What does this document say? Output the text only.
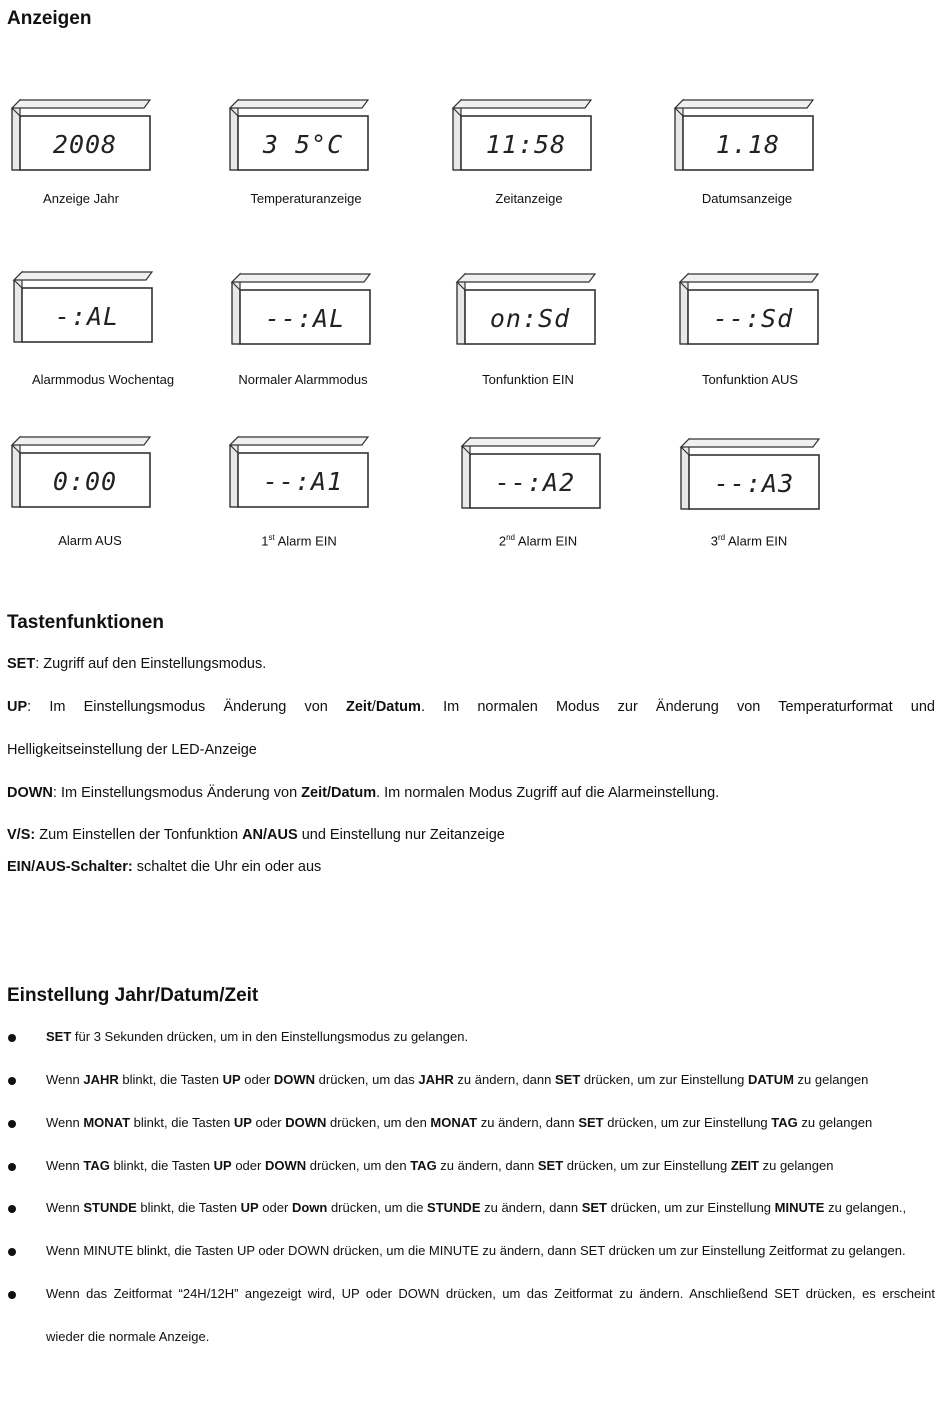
Anzeigen
2008	3 5°C	11:58	1.18
-:AL	--:AL	on:Sd	--:Sd
0:00	--:A1	--:A2	--:A3
Anzeige Jahr	Temperaturanzeige	Zeitanzeige	Datumsanzeige
Alarmmodus Wochentag	Normaler Alarmmodus	Tonfunktion EIN	Tonfunktion AUS
Alarm AUS	1st Alarm EIN	2nd Alarm EIN	3rd Alarm EIN
Tastenfunktionen

SET: Zugriff auf den Einstellungsmodus.

UP: Im Einstellungsmodus Änderung von Zeit/Datum. Im normalen Modus zur Änderung von Temperaturformat und

Helligkeitseinstellung der LED-Anzeige

DOWN: Im Einstellungsmodus Änderung von Zeit/Datum. Im normalen Modus Zugriff auf die Alarmeinstellung.

V/S: Zum Einstellen der Tonfunktion AN/AUS und Einstellung nur Zeitanzeige

EIN/AUS-Schalter: schaltet die Uhr ein oder aus

Einstellung Jahr/Datum/Zeit
SET für 3 Sekunden drücken, um in den Einstellungsmodus zu gelangen.
Wenn JAHR blinkt, die Tasten UP oder DOWN drücken, um das JAHR zu ändern, dann SET drücken, um zur Einstellung DATUM zu gelangen
Wenn MONAT blinkt, die Tasten UP oder DOWN drücken, um den MONAT zu ändern, dann SET drücken, um zur Einstellung TAG zu gelangen
Wenn TAG blinkt, die Tasten UP oder DOWN drücken, um den TAG zu ändern, dann SET drücken, um zur Einstellung ZEIT zu gelangen
Wenn STUNDE blinkt, die Tasten UP oder Down drücken, um die STUNDE zu ändern, dann SET drücken, um zur Einstellung MINUTE zu gelangen.,
Wenn MINUTE blinkt, die Tasten UP oder DOWN drücken, um die MINUTE zu ändern, dann SET drücken um zur Einstellung Zeitformat zu gelangen.
Wenn das Zeitformat “24H/12H” angezeigt wird, UP oder DOWN drücken, um das Zeitformat zu ändern. Anschließend SET drücken, es erscheint
wieder die normale Anzeige.
